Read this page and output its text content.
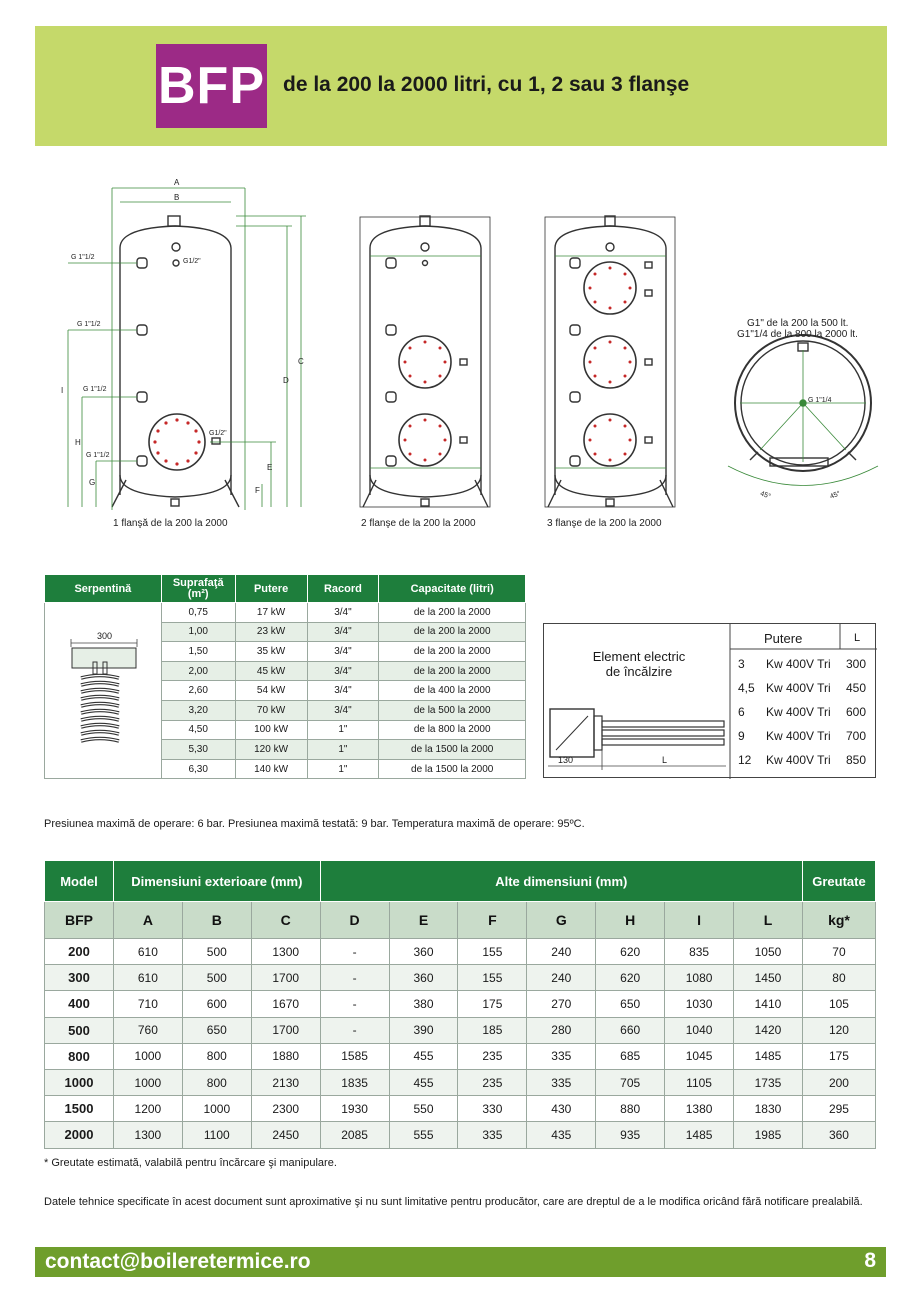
BFP de la 200 la 2000 litri, cu 1, 2 sau 3 flanşe
A
B
C
D
E
F
G
H
I
G 1"1/2
G 1"1/2
G 1"1/2
G 1"1/2
G1/2"
G1/2"
1 flanşă de la 200 la 2000	2 flanşe de la 200 la 2000	3 flanşe de la 200 la 2000
G1" de la 200 la 500 lt.
G1"1/4 de la 800 la 2000 lt.
G 1"1/4
45°	45°
Serpentină	Suprafaţă
(m²)	Putere	Racord	Capacitate (litri)

300	0,75	17 kW	3/4"	de la 200 la 2000
	1,00	23 kW	3/4"	de la 200 la 2000
	1,50	35 kW	3/4"	de la 200 la 2000
	2,00	45 kW	3/4"	de la 200 la 2000
	2,60	54 kW	3/4"	de la 400 la 2000
	3,20	70 kW	3/4"	de la 500 la 2000
	4,50	100 kW	1"	de la 800 la 2000
	5,30	120 kW	1"	de la 1500 la 2000
	6,30	140 kW	1"	de la 1500 la 2000
Element electric
de încălzire
Putere	L
130	L
3 Kw 400V Tri 300
4,5 Kw 400V Tri 450
6 Kw 400V Tri 600
9 Kw 400V Tri 700
12 Kw 400V Tri 850
Presiunea maximă de operare: 6 bar. Presiunea maximă testată: 9 bar. Temperatura maximă de operare: 95ºC.
Model	Dimensiuni exterioare (mm)			Alte dimensiuni (mm)							Greutate
BFP	A	B	C	D	E	F	G	H	I	L	kg*
200	610	500	1300	-	360	155	240	620	835	1050	70
300	610	500	1700	-	360	155	240	620	1080	1450	80
400	710	600	1670	-	380	175	270	650	1030	1410	105
500	760	650	1700	-	390	185	280	660	1040	1420	120
800	1000	800	1880	1585	455	235	335	685	1045	1485	175
1000	1000	800	2130	1835	455	235	335	705	1105	1735	200
1500	1200	1000	2300	1930	550	330	430	880	1380	1830	295
2000	1300	1100	2450	2085	555	335	435	935	1485	1985	360
* Greutate estimată, valabilă pentru încărcare şi manipulare.
Datele tehnice specificate în acest document sunt aproximative şi nu sunt limitative pentru producător, care are dreptul de a le modifica oricând fără notificare prealabilă.
contact@boileretermice.ro	8
